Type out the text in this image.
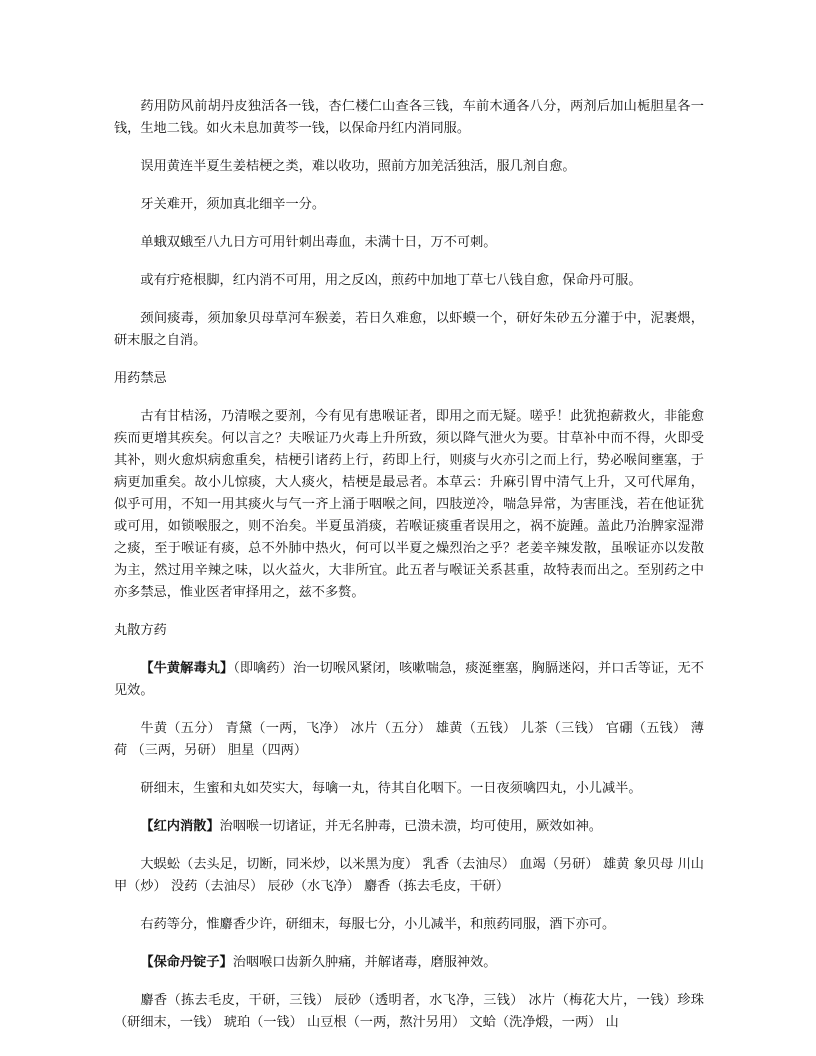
药用防风前胡丹皮独活各一钱，杏仁楼仁山查各三钱，车前木通各八分，两剂后加山栀胆星各一钱，生地二钱。如火未息加黄芩一钱，以保命丹红内消同服。

误用黄连半夏生姜桔梗之类，难以收功，照前方加羌活独活，服几剂自愈。

牙关难开，须加真北细辛一分。

单蛾双蛾至八九日方可用针刺出毒血，未满十日，万不可刺。

或有疔疮根脚，红内消不可用，用之反凶，煎药中加地丁草七八钱自愈，保命丹可服。

颈间痰毒，须加象贝母草河车猴姜，若日久难愈，以虾蟆一个，研好朱砂五分灌于中，泥裹煨，研末服之自消。

用药禁忌

古有甘桔汤，乃清喉之要剂，今有见有患喉证者，即用之而无疑。嗟乎！此犹抱薪救火，非能愈疾而更增其疾矣。何以言之？夫喉证乃火毒上升所致，须以降气泄火为要。甘草补中而不得，火即受其补，则火愈炽病愈重矣，桔梗引诸药上行，药即上行，则痰与火亦引之而上行，势必喉间壅塞，于病更加重矣。故小儿惊痰，大人痰火，桔梗是最忌者。本草云：升麻引胃中清气上升，又可代犀角，似乎可用，不知一用其痰火与气一齐上涌于咽喉之间，四肢逆冷，喘急异常，为害匪浅，若在他证犹或可用，如锁喉服之，则不治矣。半夏虽消痰，若喉证痰重者误用之，祸不旋踵。盖此乃治脾家湿滞之痰，至于喉证有痰，总不外肺中热火，何可以半夏之燥烈治之乎？老姜辛辣发散，虽喉证亦以发散为主，然过用辛辣之味，以火益火，大非所宜。此五者与喉证关系甚重，故特表而出之。至别药之中亦多禁忌，惟业医者审择用之，兹不多赘。

丸散方药

【牛黄解毒丸】（即噙药）治一切喉风紧闭，咳嗽喘急，痰涎壅塞，胸膈迷闷，并口舌等证，无不见效。

牛黄（五分） 青黛（一两，飞净） 冰片（五分） 雄黄（五钱） 儿茶（三钱） 官硼（五钱） 薄荷 （三两，另研） 胆星（四两）

研细末，生蜜和丸如芡实大，每噙一丸，待其自化咽下。一日夜须噙四丸，小儿减半。

【红内消散】治咽喉一切诸证，并无名肿毒，已溃未溃，均可使用，厥效如神。

大蜈蚣（去头足，切断，同米炒，以米黑为度） 乳香（去油尽） 血竭（另研） 雄黄 象贝母 川山甲（炒） 没药（去油尽） 辰砂（水飞净） 麝香（拣去毛皮，干研）

右药等分，惟麝香少许，研细末，每服七分，小儿减半，和煎药同服，酒下亦可。

【保命丹锭子】治咽喉口齿新久肿痛，并解诸毒，磨服神效。

麝香（拣去毛皮，干研，三钱） 辰砂（透明者，水飞净，三钱） 冰片（梅花大片，一钱）珍珠（研细末，一钱） 琥珀（一钱） 山豆根（一两，熬汁另用） 文蛤（洗净煅，一两） 山
